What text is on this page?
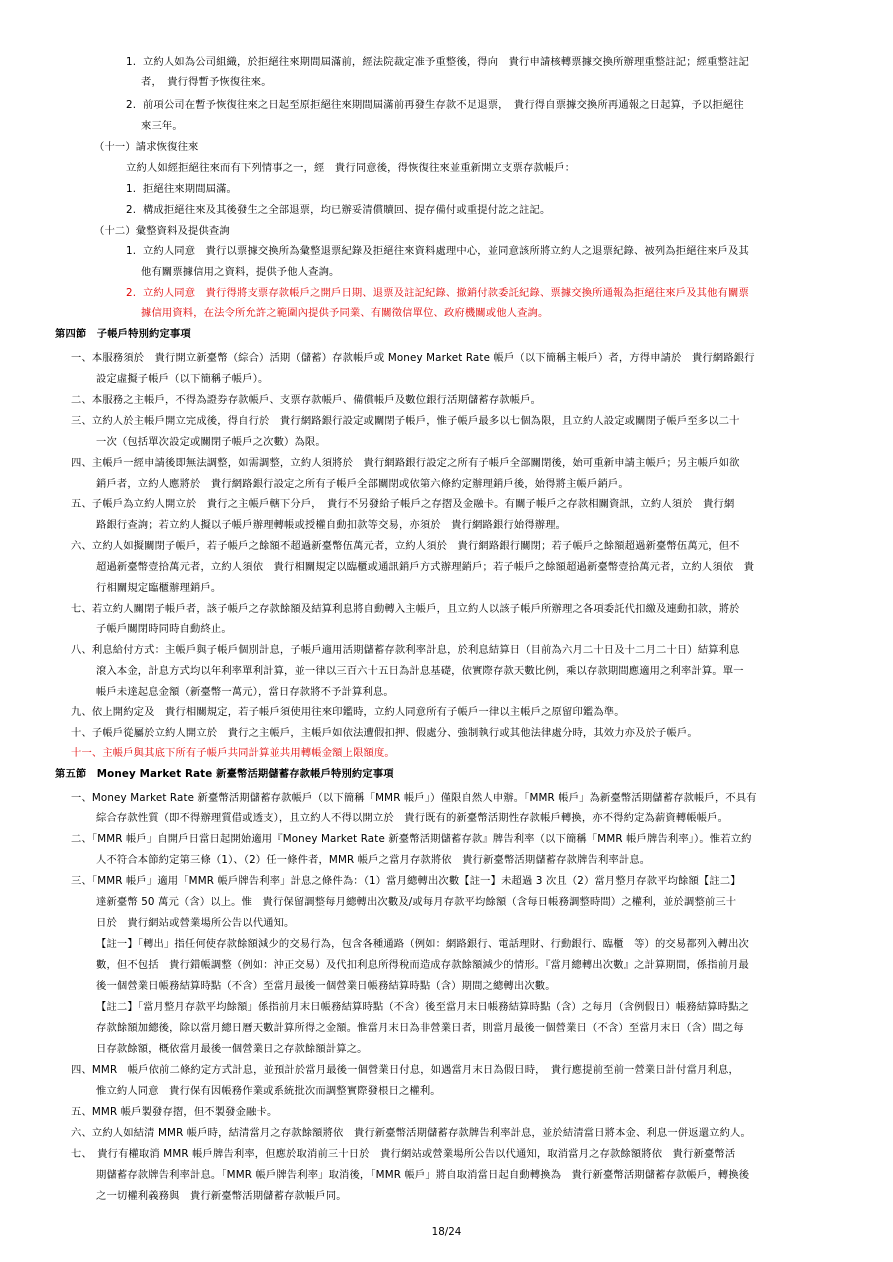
1.  立約人如為公司組織，於拒絕往來期間屆滿前，經法院裁定准予重整後，得向　貴行申請核轉票據交換所辦理重整註記；經重整註記
者，　貴行得暫予恢復往來。
2.  前項公司在暫予恢復往來之日起至原拒絕往來期間屆滿前再發生存款不足退票，　貴行得自票據交換所再通報之日起算，予以拒絕往
來三年。
（十一）請求恢復往來
立約人如經拒絕往來而有下列情事之一，經　貴行同意後，得恢復往來並重新開立支票存款帳戶：
1.  拒絕往來期間屆滿。
2.  構成拒絕往來及其後發生之全部退票，均已辦妥清償贖回、提存備付或重提付訖之註記。
（十二）彙整資料及提供查詢
1.  立約人同意　貴行以票據交換所為彙整退票紀錄及拒絕往來資料處理中心，並同意該所將立約人之退票紀錄、被列為拒絕往來戶及其
他有關票據信用之資料，提供予他人查詢。
2.  立約人同意　貴行得將支票存款帳戶之開戶日期、退票及註記紀錄、撤銷付款委託紀錄、票據交換所通報為拒絕往來戶及其他有關票
據信用資料，在法令所允許之範圍內提供予同業、有關徵信單位、政府機關或他人查詢。
第四節　子帳戶特別約定事項
一、本服務須於　貴行開立新臺幣（綜合）活期（儲蓄）存款帳戶或 Money Market Rate 帳戶（以下簡稱主帳戶）者，方得申請於　貴行網路銀行
設定虛擬子帳戶（以下簡稱子帳戶）。
二、本服務之主帳戶，不得為證券存款帳戶、支票存款帳戶、備償帳戶及數位銀行活期儲蓄存款帳戶。
三、立約人於主帳戶開立完成後，得自行於　貴行網路銀行設定或關閉子帳戶，惟子帳戶最多以七個為限，且立約人設定或關閉子帳戶至多以二十
一次（包括單次設定或關閉子帳戶之次數）為限。
四、主帳戶一經申請後即無法調整，如需調整，立約人須將於　貴行網路銀行設定之所有子帳戶全部關閉後，始可重新申請主帳戶；另主帳戶如欲
銷戶者，立約人應將於　貴行網路銀行設定之所有子帳戶全部關閉或依第六條約定辦理銷戶後，始得將主帳戶銷戶。
五、子帳戶為立約人開立於　貴行之主帳戶轄下分戶，　貴行不另發給子帳戶之存摺及金融卡。有關子帳戶之存款相關資訊，立約人須於　貴行網
路銀行查詢；若立約人擬以子帳戶辦理轉帳或授權自動扣款等交易，亦須於　貴行網路銀行始得辦理。
六、立約人如擬關閉子帳戶，若子帳戶之餘額不超過新臺幣伍萬元者，立約人須於　貴行網路銀行關閉；若子帳戶之餘額超過新臺幣伍萬元，但不
超過新臺幣壹拾萬元者，立約人須依　貴行相關規定以臨櫃或通訊銷戶方式辦理銷戶；若子帳戶之餘額超過新臺幣壹拾萬元者，立約人須依　貴
行相關規定臨櫃辦理銷戶。
七、若立約人關閉子帳戶者，該子帳戶之存款餘額及結算利息將自動轉入主帳戶，且立約人以該子帳戶所辦理之各項委託代扣繳及連動扣款，將於
子帳戶關閉時同時自動終止。
八、利息給付方式：主帳戶與子帳戶個別計息，子帳戶適用活期儲蓄存款利率計息，於利息結算日（目前為六月二十日及十二月二十日）結算利息
滾入本金，計息方式均以年利率單利計算，並一律以三百六十五日為計息基礎，依實際存款天數比例，乘以存款期間應適用之利率計算。單一
帳戶未達起息金額（新臺幣一萬元），當日存款將不予計算利息。
九、依上開約定及　貴行相關規定，若子帳戶須使用往來印鑑時，立約人同意所有子帳戶一律以主帳戶之原留印鑑為準。
十、子帳戶從屬於立約人開立於　貴行之主帳戶，主帳戶如依法遭假扣押、假處分、強制執行或其他法律處分時，其效力亦及於子帳戶。
十一、主帳戶與其底下所有子帳戶共同計算並共用轉帳金額上限額度。
第五節　Money Market Rate 新臺幣活期儲蓄存款帳戶特別約定事項
一、Money Market Rate 新臺幣活期儲蓄存款帳戶（以下簡稱「MMR 帳戶」）僅限自然人申辦。「MMR 帳戶」為新臺幣活期儲蓄存款帳戶，不具有
綜合存款性質（即不得辦理質借或透支），且立約人不得以開立於　貴行既有的新臺幣活期性存款帳戶轉換，亦不得約定為薪資轉帳帳戶。
二、「MMR 帳戶」自開戶日當日起開始適用『Money Market Rate 新臺幣活期儲蓄存款』牌告利率（以下簡稱「MMR 帳戶牌告利率」）。惟若立約
人不符合本節約定第三條（1）、（2）任一條件者，MMR 帳戶之當月存款將依　貴行新臺幣活期儲蓄存款牌告利率計息。
三、「MMR 帳戶」適用「MMR 帳戶牌告利率」計息之條件為：（1）當月總轉出次數【註一】未超過 3 次且（2）當月整月存款平均餘額【註二】
達新臺幣 50 萬元（含）以上。惟　貴行保留調整每月總轉出次數及/或每月存款平均餘額（含每日帳務調整時間）之權利，並於調整前三十
日於　貴行網站或營業場所公告以代通知。
【註一】「轉出」指任何使存款餘額減少的交易行為，包含各種通路（例如：網路銀行、電話理財、行動銀行、臨櫃　等）的交易都列入轉出次
數，但不包括　貴行錯帳調整（例如：沖正交易）及代扣利息所得稅而造成存款餘額減少的情形。『當月總轉出次數』之計算期間，係指前月最
後一個營業日帳務結算時點（不含）至當月最後一個營業日帳務結算時點（含）期間之總轉出次數。
【註二】「當月整月存款平均餘額」係指前月末日帳務結算時點（不含）後至當月末日帳務結算時點（含）之每月（含例假日）帳務結算時點之
存款餘額加總後，除以當月總日曆天數計算所得之金額。惟當月末日為非營業日者，則當月最後一個營業日（不含）至當月末日（含）間之每
日存款餘額，概依當月最後一個營業日之存款餘額計算之。
四、MMR　帳戶依前二條約定方式計息，並預計於當月最後一個營業日付息，如遇當月末日為假日時，　貴行應提前至前一營業日計付當月利息，
惟立約人同意　貴行保有因帳務作業或系統批次而調整實際發根日之權利。
五、MMR 帳戶製發存摺，但不製發金融卡。
六、立約人如結清 MMR 帳戶時，結清當月之存款餘額將依　貴行新臺幣活期儲蓄存款牌告利率計息，並於結清當日將本金、利息一併返還立約人。
七、　貴行有權取消 MMR 帳戶牌告利率，但應於取消前三十日於　貴行網站或營業場所公告以代通知，取消當月之存款餘額將依　貴行新臺幣活
期儲蓄存款牌告利率計息。「MMR 帳戶牌告利率」取消後，「MMR 帳戶」將自取消當日起自動轉換為　貴行新臺幣活期儲蓄存款帳戶，轉換後
之一切權利義務與　貴行新臺幣活期儲蓄存款帳戶同。
18/24
